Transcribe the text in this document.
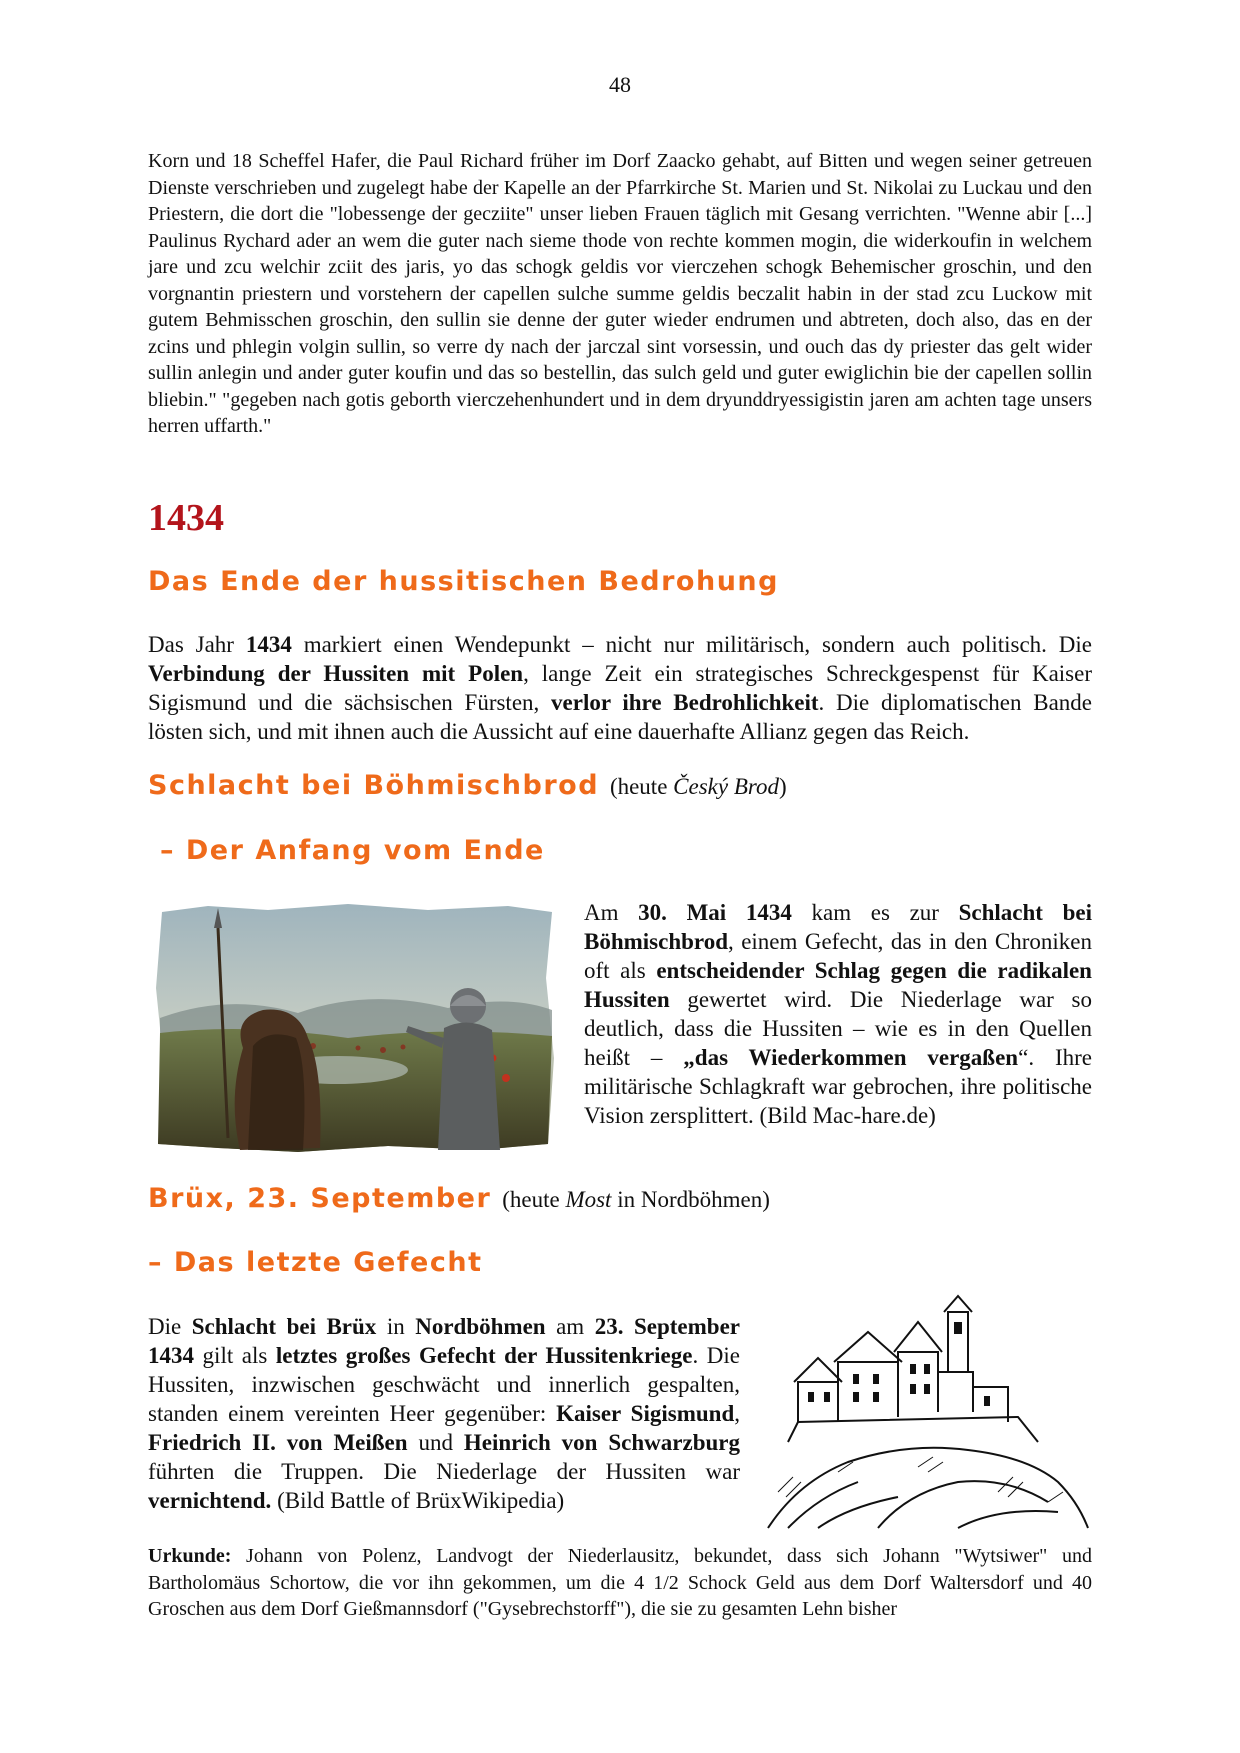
48

Korn und 18 Scheffel Hafer, die Paul Richard früher im Dorf Zaacko gehabt, auf Bitten und wegen seiner getreuen Dienste verschrieben und zugelegt habe der Kapelle an der Pfarrkirche St. Marien und St. Nikolai zu Luckau und den Priestern, die dort die "lobessenge der gecziite" unser lieben Frauen täglich mit Gesang verrichten. "Wenne abir [...] Paulinus Rychard ader an wem die guter nach sieme thode von rechte kommen mogin, die widerkoufin in welchem jare und zcu welchir zciit des jaris, yo das schogk geldis vor vierczehen schogk Behemischer groschin, und den vorgnantin priestern und vorstehern der capellen sulche summe geldis beczalit habin in der stad zcu Luckow mit gutem Behmisschen groschin, den sullin sie denne der guter wieder endrumen und abtreten, doch also, das en der zcins und phlegin volgin sullin, so verre dy nach der jarczal sint vorsessin, und ouch das dy priester das gelt wider sullin anlegin und ander guter koufin und das so bestellin, das sulch geld und guter ewiglichin bie der capellen sollin bliebin." "gegeben nach gotis geborth vierczehenhundert und in dem dryunddryessigistin jaren am achten tage unsers herren uffarth."

1434
Das Ende der hussitischen Bedrohung

Das Jahr 1434 markiert einen Wendepunkt – nicht nur militärisch, sondern auch politisch. Die Verbindung der Hussiten mit Polen, lange Zeit ein strategisches Schreckgespenst für Kaiser Sigismund und die sächsischen Fürsten, verlor ihre Bedrohlichkeit. Die diplomatischen Bande lösten sich, und mit ihnen auch die Aussicht auf eine dauerhafte Allianz gegen das Reich.

Schlacht bei Böhmischbrod (heute Český Brod)
– Der Anfang vom Ende

Am 30. Mai 1434 kam es zur Schlacht bei Böhmischbrod, einem Gefecht, das in den Chroniken oft als entscheidender Schlag gegen die radikalen Hussiten gewertet wird. Die Niederlage war so deutlich, dass die Hussiten – wie es in den Quellen heißt – „das Wiederkommen vergaßen“. Ihre militärische Schlagkraft war gebrochen, ihre politische Vision zersplittert. (Bild Mac-hare.de)

Brüx, 23. September (heute Most in Nordböhmen)
– Das letzte Gefecht

Die Schlacht bei Brüx in Nordböhmen am 23. September 1434 gilt als letztes großes Gefecht der Hussitenkriege. Die Hussiten, inzwischen geschwächt und innerlich gespalten, standen einem vereinten Heer gegenüber: Kaiser Sigismund, Friedrich II. von Meißen und Heinrich von Schwarzburg führten die Truppen. Die Niederlage der Hussiten war vernichtend. (Bild Battle of BrüxWikipedia)

Urkunde: Johann von Polenz, Landvogt der Niederlausitz, bekundet, dass sich Johann "Wytsiwer" und Bartholomäus Schortow, die vor ihn gekommen, um die 4 1/2 Schock Geld aus dem Dorf Waltersdorf und 40 Groschen aus dem Dorf Gießmannsdorf ("Gysebrechstorff"), die sie zu gesamten Lehn bisher
